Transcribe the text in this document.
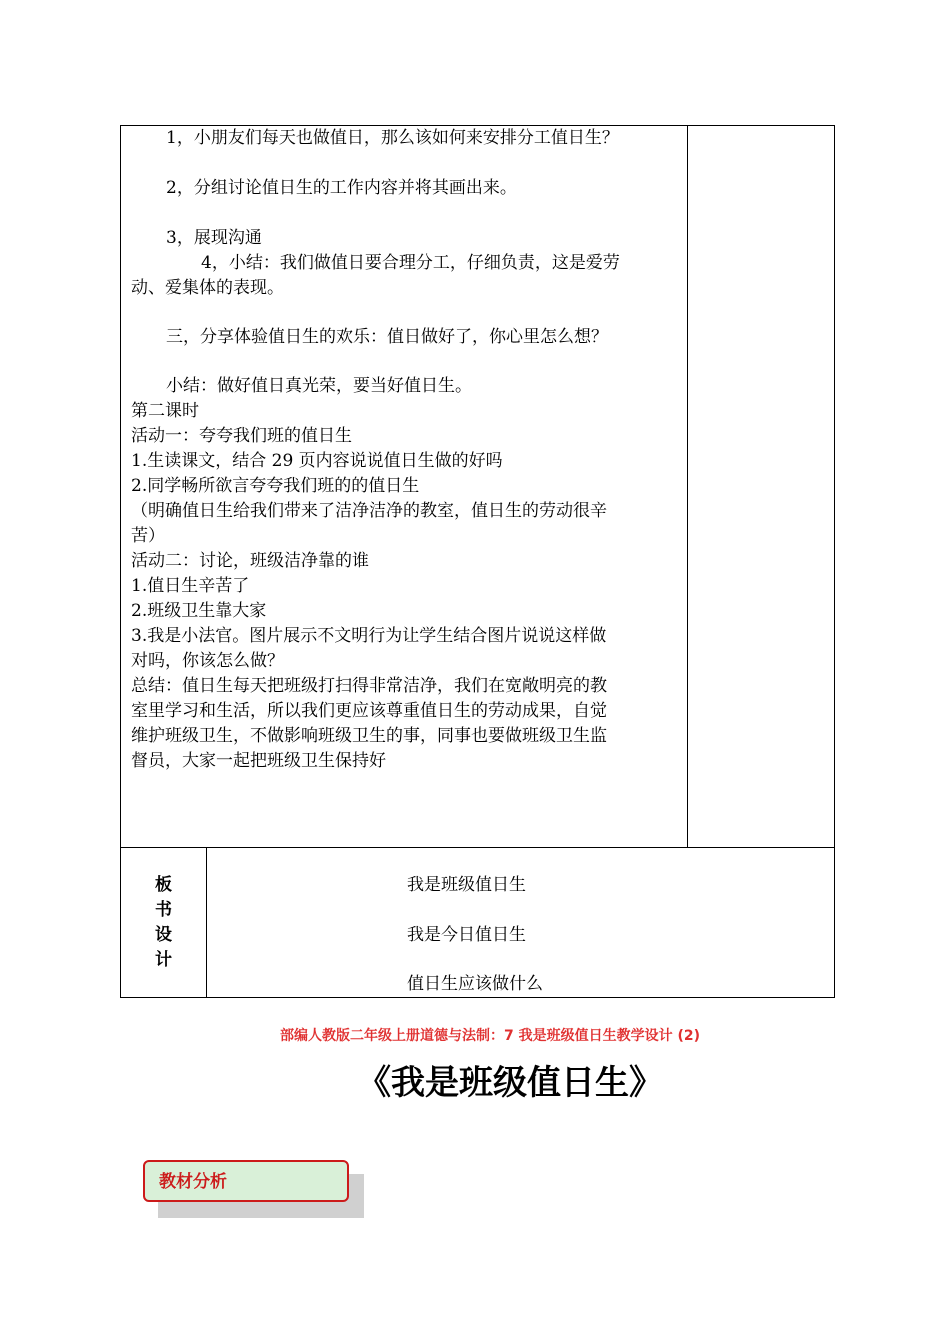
1，小朋友们每天也做值日，那么该如何来安排分工值日生？
2，分组讨论值日生的工作内容并将其画出来。
3，展现沟通
4，小结：我们做值日要合理分工，仔细负责，这是爱劳
动、爱集体的表现。
三，分享体验值日生的欢乐：值日做好了，你心里怎么想？
小结：做好值日真光荣，要当好值日生。
第二课时
活动一：夸夸我们班的值日生
1.生读课文，结合 29 页内容说说值日生做的好吗
2.同学畅所欲言夸夸我们班的的值日生
（明确值日生给我们带来了洁净洁净的教室，值日生的劳动很辛
苦）
活动二：讨论，班级洁净靠的谁
1.值日生辛苦了
2.班级卫生靠大家
3.我是小法官。图片展示不文明行为让学生结合图片说说这样做
对吗，你该怎么做？
总结：值日生每天把班级打扫得非常洁净，我们在宽敞明亮的教
室里学习和生活，所以我们更应该尊重值日生的劳动成果，自觉
维护班级卫生，不做影响班级卫生的事，同事也要做班级卫生监
督员，大家一起把班级卫生保持好
板
书
设
计
我是班级值日生
我是今日值日生
值日生应该做什么
部编人教版二年级上册道德与法制：7 我是班级值日生教学设计 (2)
《我是班级值日生》
教材分析
